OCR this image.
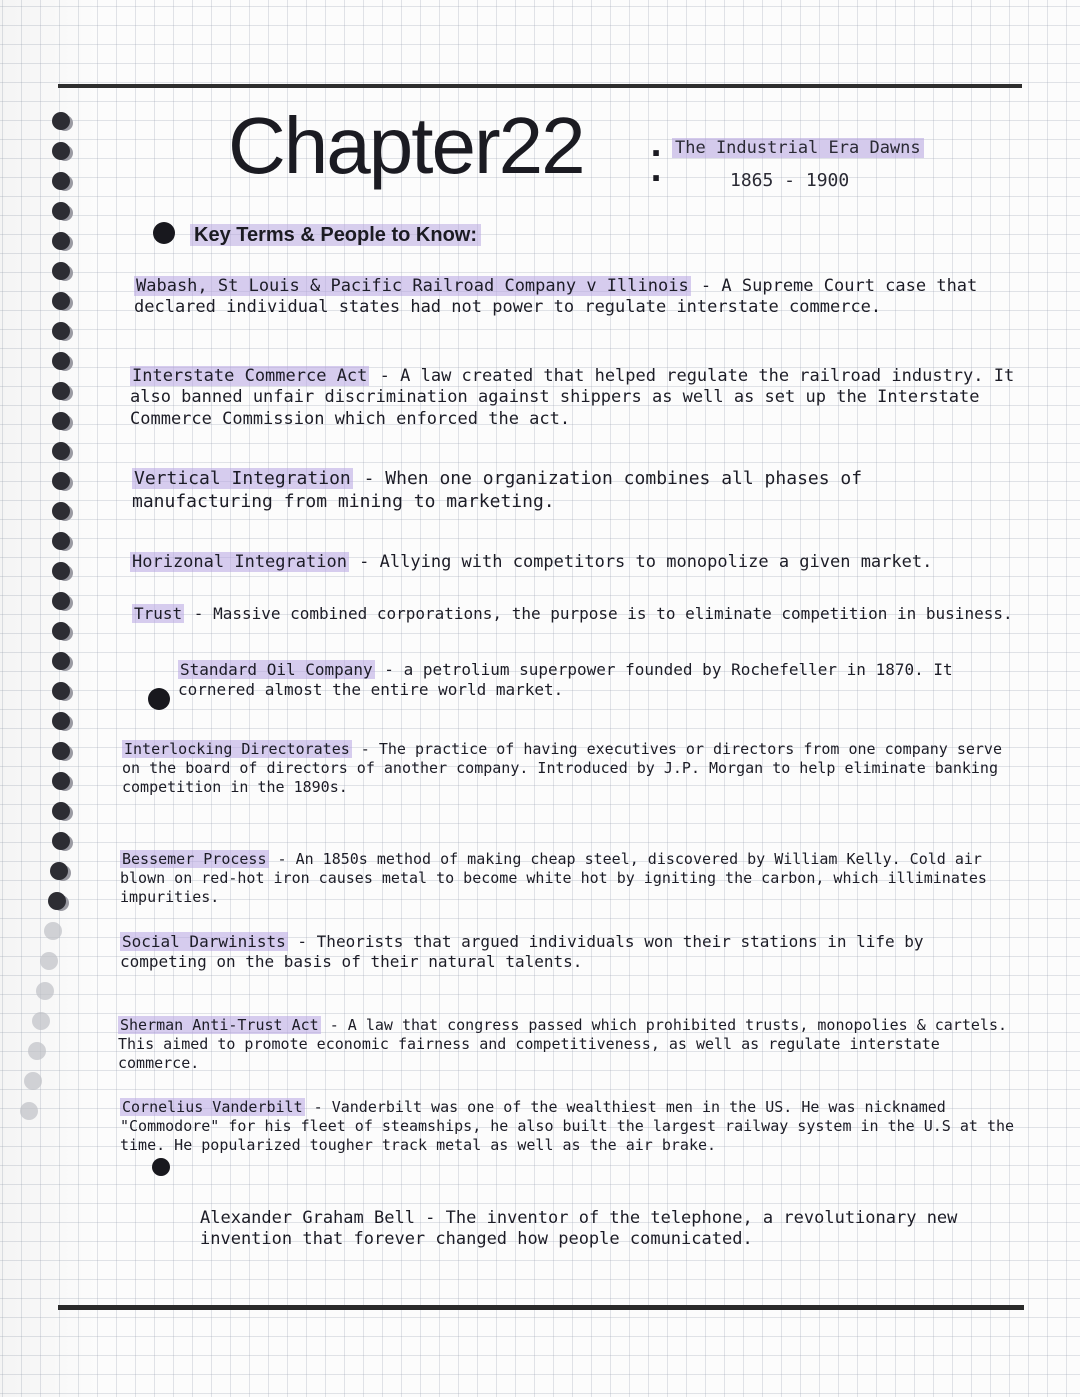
Chapter22 : The Industrial Era Dawns

1865 - 1900

Key Terms & People to Know:

Wabash, St Louis & Pacific Railroad Company v Illinois - A Supreme Court case that declared individual states had not power to regulate interstate commerce.

Interstate Commerce Act - A law created that helped regulate the railroad industry. It also banned unfair discrimination against shippers as well as set up the Interstate Commerce Commission which enforced the act.

Vertical Integration - When one organization combines all phases of manufacturing from mining to marketing.

Horizonal Integration - Allying with competitors to monopolize a given market.

Trust - Massive combined corporations, the purpose is to eliminate competition in business.

Standard Oil Company - a petrolium superpower founded by Rochefeller in 1870. It cornered almost the entire world market.

Interlocking Directorates - The practice of having executives or directors from one company serve on the board of directors of another company. Introduced by J.P. Morgan to help eliminate banking competition in the 1890s.

Bessemer Process - An 1850s method of making cheap steel, discovered by William Kelly. Cold air blown on red-hot iron causes metal to become white hot by igniting the carbon, which illiminates impurities.

Social Darwinists - Theorists that argued individuals won their stations in life by competing on the basis of their natural talents.

Sherman Anti-Trust Act - A law that congress passed which prohibited trusts, monopolies & cartels. This aimed to promote economic fairness and competitiveness, as well as regulate interstate commerce.

Cornelius Vanderbilt - Vanderbilt was one of the wealthiest men in the US. He was nicknamed "Commodore" for his fleet of steamships, he also built the largest railway system in the U.S at the time. He popularized tougher track metal as well as the air brake.

Alexander Graham Bell - The inventor of the telephone, a revolutionary new invention that forever changed how people comunicated.
